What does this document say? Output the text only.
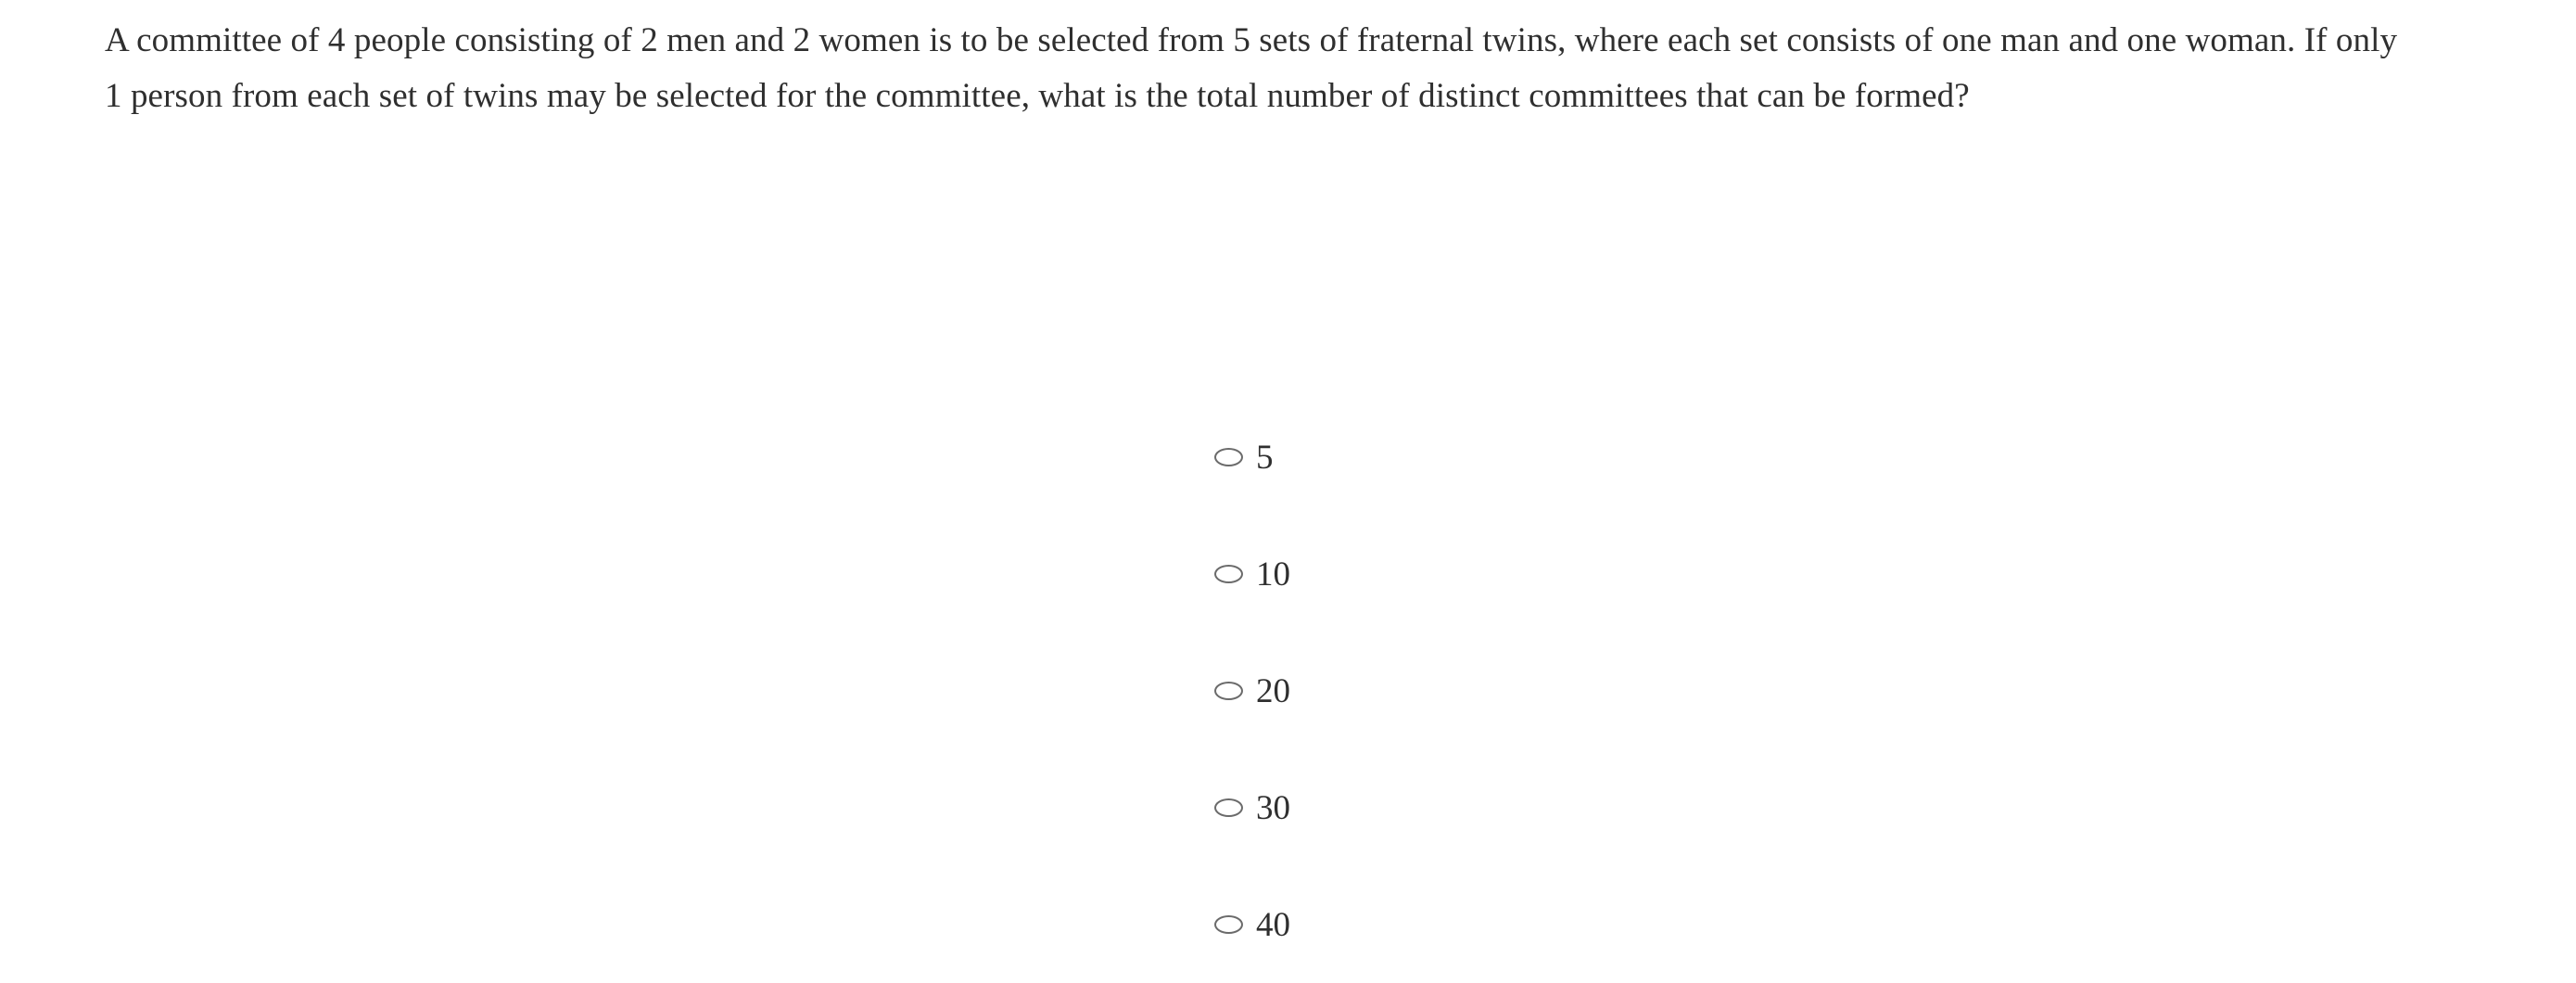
A committee of 4 people consisting of 2 men and 2 women is to be selected from 5 sets of fraternal twins, where each set consists of one man and one woman. If only 1 person from each set of twins may be selected for the committee, what is the total number of distinct committees that can be formed?
5
10
20
30
40
